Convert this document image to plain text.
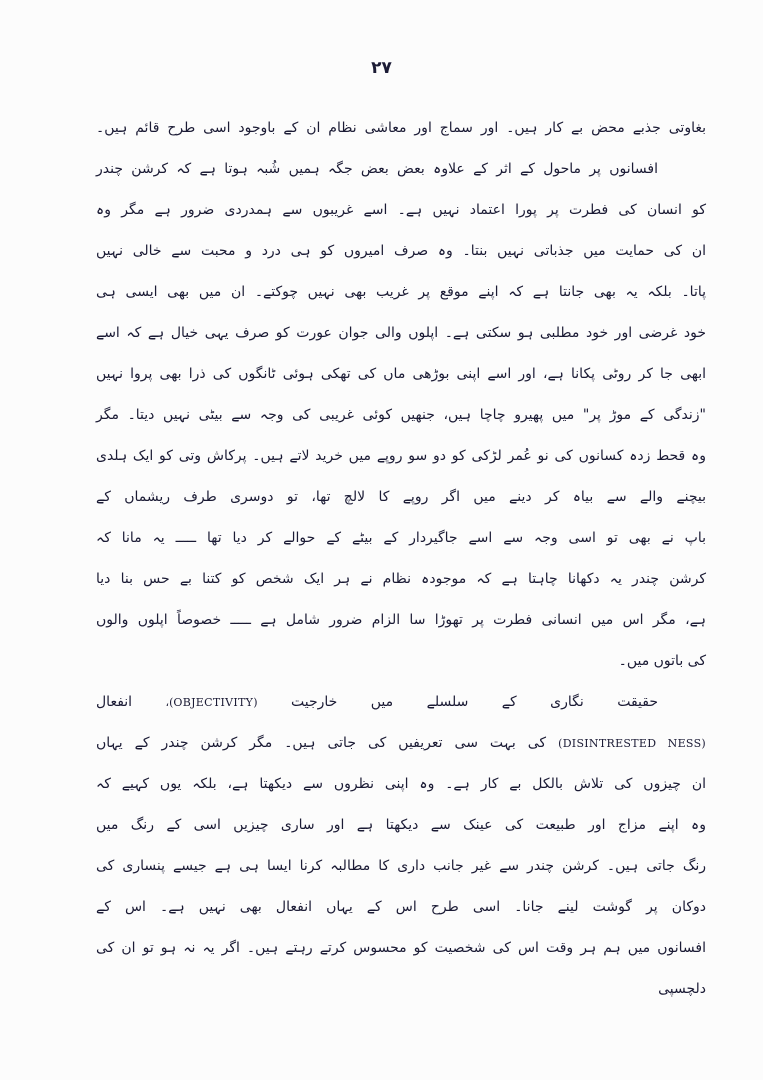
۲۷
بغاوتی جذبے محض بے کار ہیں۔ اور سماج اور معاشی نظام ان کے باوجود اسی طرح قائم ہیں۔
افسانوں پر ماحول کے اثر کے علاوہ بعض بعض جگہ ہمیں شُبہ ہوتا ہے کہ کرشن چندر
کو انسان کی فطرت پر پورا اعتماد نہیں ہے۔ اسے غریبوں سے ہمدردی ضرور ہے مگر وہ
ان کی حمایت میں جذباتی نہیں بنتا۔ وہ صرف امیروں کو ہی درد و محبت سے خالی نہیں
پاتا۔ بلکہ یہ بھی جانتا ہے کہ اپنے موقع پر غریب بھی نہیں چوکتے۔ ان میں بھی ایسی ہی
خود غرضی اور خود مطلبی ہو سکتی ہے۔ اپلوں والی جوان عورت کو صرف یہی خیال ہے کہ اسے
ابھی جا کر روٹی پکانا ہے، اور اسے اپنی بوڑھی ماں کی تھکی ہوئی ٹانگوں کی ذرا بھی پروا نہیں
"زندگی کے موڑ پر" میں پھیرو چاچا ہیں، جنھیں کوئی غریبی کی وجہ سے بیٹی نہیں دیتا۔ مگر
وہ قحط زدہ کسانوں کی نو عُمر لڑکی کو دو سو روپے میں خرید لاتے ہیں۔ پرکاش وتی کو ایک ہلدی
بیچنے والے سے بیاہ کر دینے میں اگر روپے کا لالچ تھا، تو دوسری طرف ریشماں کے
باپ نے بھی تو اسی وجہ سے اسے جاگیردار کے بیٹے کے حوالے کر دیا تھا ـــــ یہ مانا کہ
کرشن چندر یہ دکھانا چاہتا ہے کہ موجودہ نظام نے ہر ایک شخص کو کتنا بے حس بنا دیا
ہے، مگر اس میں انسانی فطرت پر تھوڑا سا الزام ضرور شامل ہے ـــــ خصوصاً اپلوں والوں
کی باتوں میں۔
حقیقت نگاری کے سلسلے میں خارجیت (OBJECTIVITY)، انفعال
(DISINTRESTED NESS) کی بہت سی تعریفیں کی جاتی ہیں۔ مگر کرشن چندر کے یہاں
ان چیزوں کی تلاش بالکل بے کار ہے۔ وہ اپنی نظروں سے دیکھتا ہے، بلکہ یوں کہیے کہ
وہ اپنے مزاج اور طبیعت کی عینک سے دیکھتا ہے اور ساری چیزیں اسی کے رنگ میں
رنگ جاتی ہیں۔ کرشن چندر سے غیر جانب داری کا مطالبہ کرنا ایسا ہی ہے جیسے پنساری کی
دوکان پر گوشت لینے جانا۔ اسی طرح اس کے یہاں انفعال بھی نہیں ہے۔ اس کے
افسانوں میں ہم ہر وقت اس کی شخصیت کو محسوس کرتے رہتے ہیں۔ اگر یہ نہ ہو تو ان کی دلچسپی
